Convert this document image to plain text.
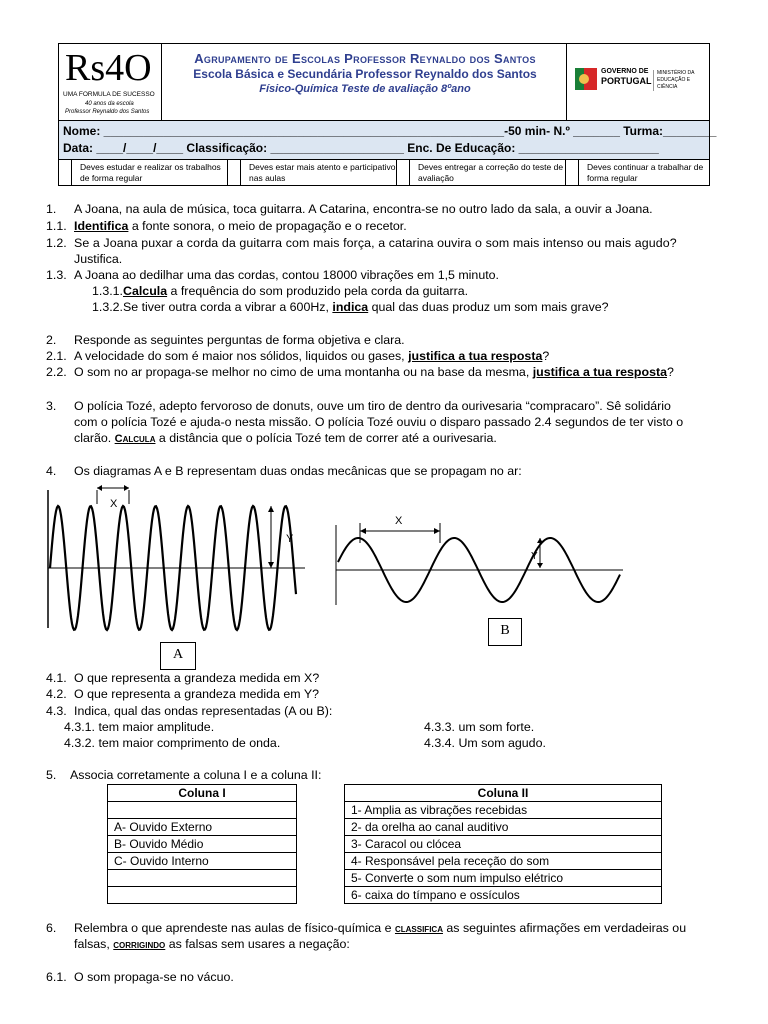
Rs4O
UMA FORMULA DE SUCESSO
40 anos da escola
Professor Reynaldo dos Santos
Agrupamento de Escolas Professor Reynaldo dos Santos
Escola Básica e Secundária Professor Reynaldo dos Santos
Físico-Química Teste de avaliação 8ºano
GOVERNO DE
PORTUGAL
MINISTÉRIO DA EDUCAÇÃO E CIÊNCIA
Nome: ____________________________________________________________-50 min- N.º _______ Turma:________
Data: ____/____/____ Classificação: ____________________ Enc. De Educação: _____________________
Deves estudar e realizar os trabalhos de forma regular
Deves estar mais atento e participativo nas aulas
Deves entregar a correção do teste de avaliação
Deves continuar a trabalhar de forma regular
1. A Joana, na aula de música, toca guitarra. A Catarina, encontra-se no outro lado da sala, a ouvir a Joana.
1.1. Identifica a fonte sonora, o meio de propagação e o recetor.
1.2. Se a Joana puxar a corda da guitarra com mais força, a catarina ouvira o som mais intenso ou mais agudo?
Justifica.
1.3. A Joana ao dedilhar uma das cordas, contou 18000 vibrações em 1,5 minuto.
1.3.1.Calcula a frequência do som produzido pela corda da guitarra.
1.3.2.Se tiver outra corda a vibrar a 600Hz, indica qual das duas produz um som mais grave?
2. Responde as seguintes perguntas de forma objetiva e clara.
2.1. A velocidade do som é maior nos sólidos, liquidos ou gases, justifica a tua resposta?
2.2. O som no ar propaga-se melhor no cimo de uma montanha ou na base da mesma, justifica a tua resposta?
3. O polícia Tozé, adepto fervoroso de donuts, ouve um tiro de dentro da ourivesaria “compracaro”. Sê solidário
com o polícia Tozé e ajuda-o nesta missão. O polícia Tozé ouviu o disparo passado 2.4 segundos de ter visto o
clarão. Calcula a distância que o polícia Tozé tem de correr até a ourivesaria.
4. Os diagramas A e B representam duas ondas mecânicas que se propagam no ar:
X
Y
A
X
Y
B
4.1. O que representa a grandeza medida em X?
4.2. O que representa a grandeza medida em Y?
4.3. Indica, qual das ondas representadas (A ou B):
4.3.1. tem maior amplitude.
4.3.2. tem maior comprimento de onda.
4.3.3. um som forte.
4.3.4. Um som agudo.
5. Associa corretamente a coluna I e a coluna II:
Coluna I

A- Ouvido Externo
B- Ouvido Médio
C- Ouvido Interno

Coluna II
1- Amplia as vibrações recebidas
2- da orelha ao canal auditivo
3- Caracol ou clócea
4- Responsável pela receção do som
5- Converte o som num impulso elétrico
6- caixa do tímpano e ossículos
6. Relembra o que aprendeste nas aulas de físico-química e classifica as seguintes afirmações em verdadeiras ou
falsas, corrigindo as falsas sem usares a negação:
6.1. O som propaga-se no vácuo.
